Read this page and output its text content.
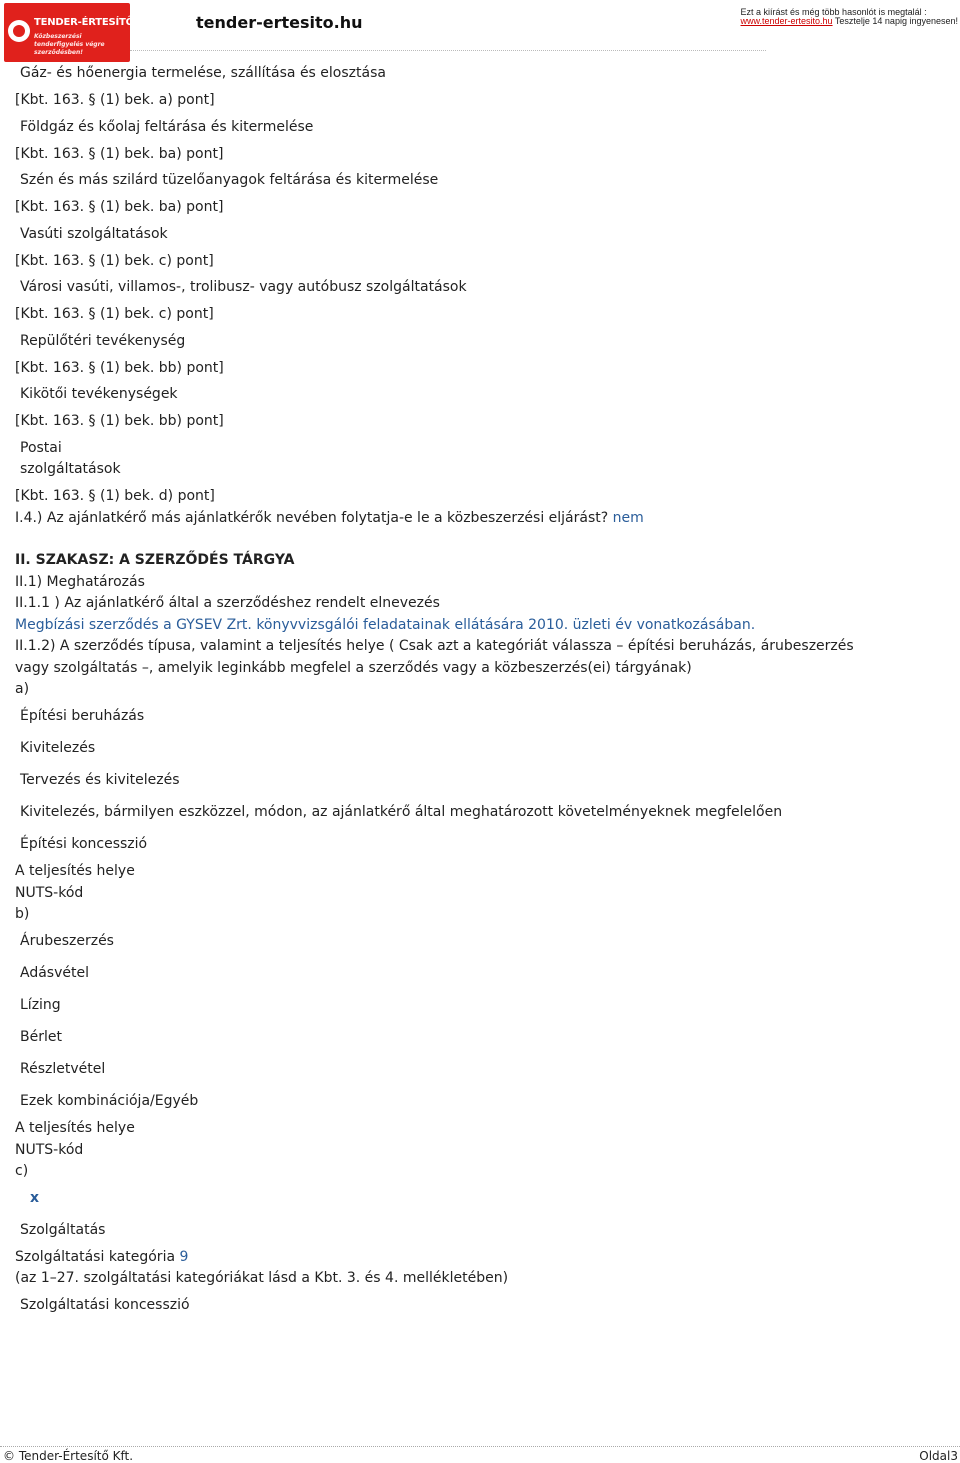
TENDER-ÉRTESÍTŐ.hu
Közbeszerzési tenderfigyelés végre szerződésben!
tender-ertesito.hu
Ezt a kiírást és még több hasonlót is megtalál :
www.tender-ertesito.hu Tesztelje 14 napig ingyenesen!
Gáz- és hőenergia termelése, szállítása és elosztása
[Kbt. 163. § (1) bek. a) pont]
Földgáz és kőolaj feltárása és kitermelése
[Kbt. 163. § (1) bek. ba) pont]
Szén és más szilárd tüzelőanyagok feltárása és kitermelése
[Kbt. 163. § (1) bek. ba) pont]
Vasúti szolgáltatások
[Kbt. 163. § (1) bek. c) pont]
Városi vasúti, villamos-, trolibusz- vagy autóbusz szolgáltatások
[Kbt. 163. § (1) bek. c) pont]
Repülőtéri tevékenység
[Kbt. 163. § (1) bek. bb) pont]
Kikötői tevékenységek
[Kbt. 163. § (1) bek. bb) pont]
Postai
szolgáltatások
[Kbt. 163. § (1) bek. d) pont]
I.4.) Az ajánlatkérő más ajánlatkérők nevében folytatja-e le a közbeszerzési eljárást? nem
II. SZAKASZ: A SZERZŐDÉS TÁRGYA
II.1) Meghatározás
II.1.1 ) Az ajánlatkérő által a szerződéshez rendelt elnevezés
Megbízási szerződés a GYSEV Zrt. könyvvizsgálói feladatainak ellátására 2010. üzleti év vonatkozásában.
II.1.2) A szerződés típusa, valamint a teljesítés helye ( Csak azt a kategóriát válassza – építési beruházás, árubeszerzés
vagy szolgáltatás –, amelyik leginkább megfelel a szerződés vagy a közbeszerzés(ei) tárgyának)
a)
Építési beruházás
Kivitelezés
Tervezés és kivitelezés
Kivitelezés, bármilyen eszközzel, módon, az ajánlatkérő által meghatározott követelményeknek megfelelően
Építési koncesszió
A teljesítés helye
NUTS-kód
b)
Árubeszerzés
Adásvétel
Lízing
Bérlet
Részletvétel
Ezek kombinációja/Egyéb
A teljesítés helye
NUTS-kód
c)
x
Szolgáltatás
Szolgáltatási kategória 9
(az 1–27. szolgáltatási kategóriákat lásd a Kbt. 3. és 4. mellékletében)
Szolgáltatási koncesszió
© Tender-Értesítő Kft.	Oldal3
